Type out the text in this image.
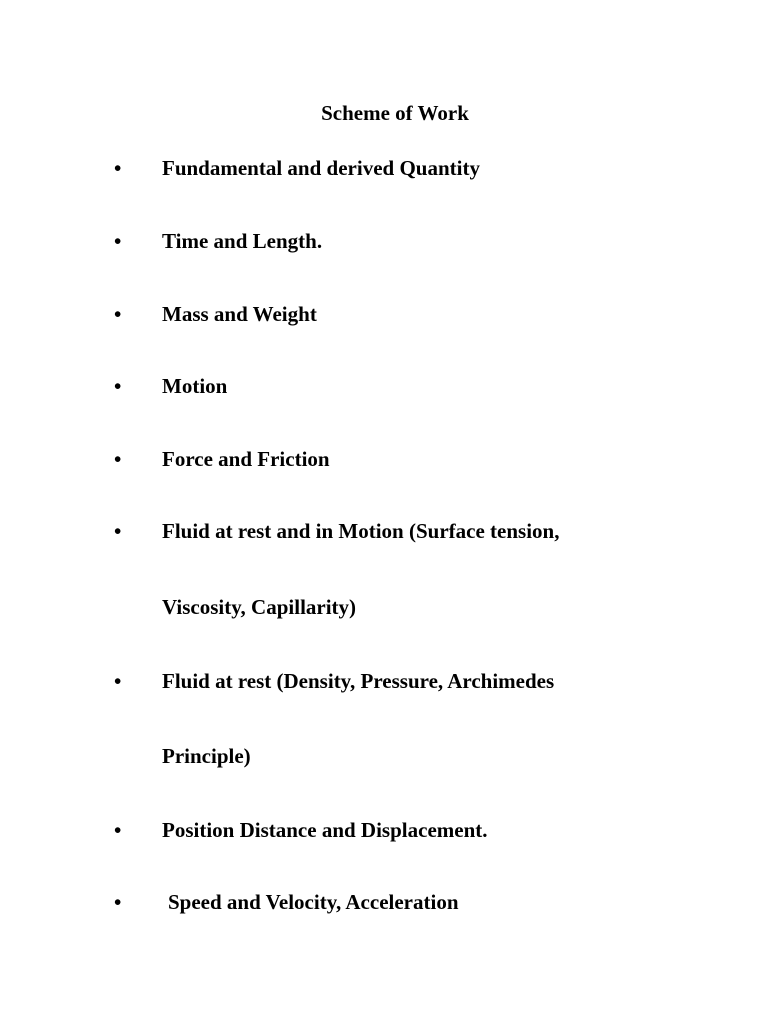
Scheme of Work
• Fundamental and derived Quantity
• Time and Length.
• Mass and Weight
• Motion
• Force and Friction
• Fluid at rest and in Motion (Surface tension,
Viscosity, Capillarity)
• Fluid at rest (Density, Pressure, Archimedes
Principle)
• Position Distance and Displacement.
• Speed and Velocity, Acceleration
